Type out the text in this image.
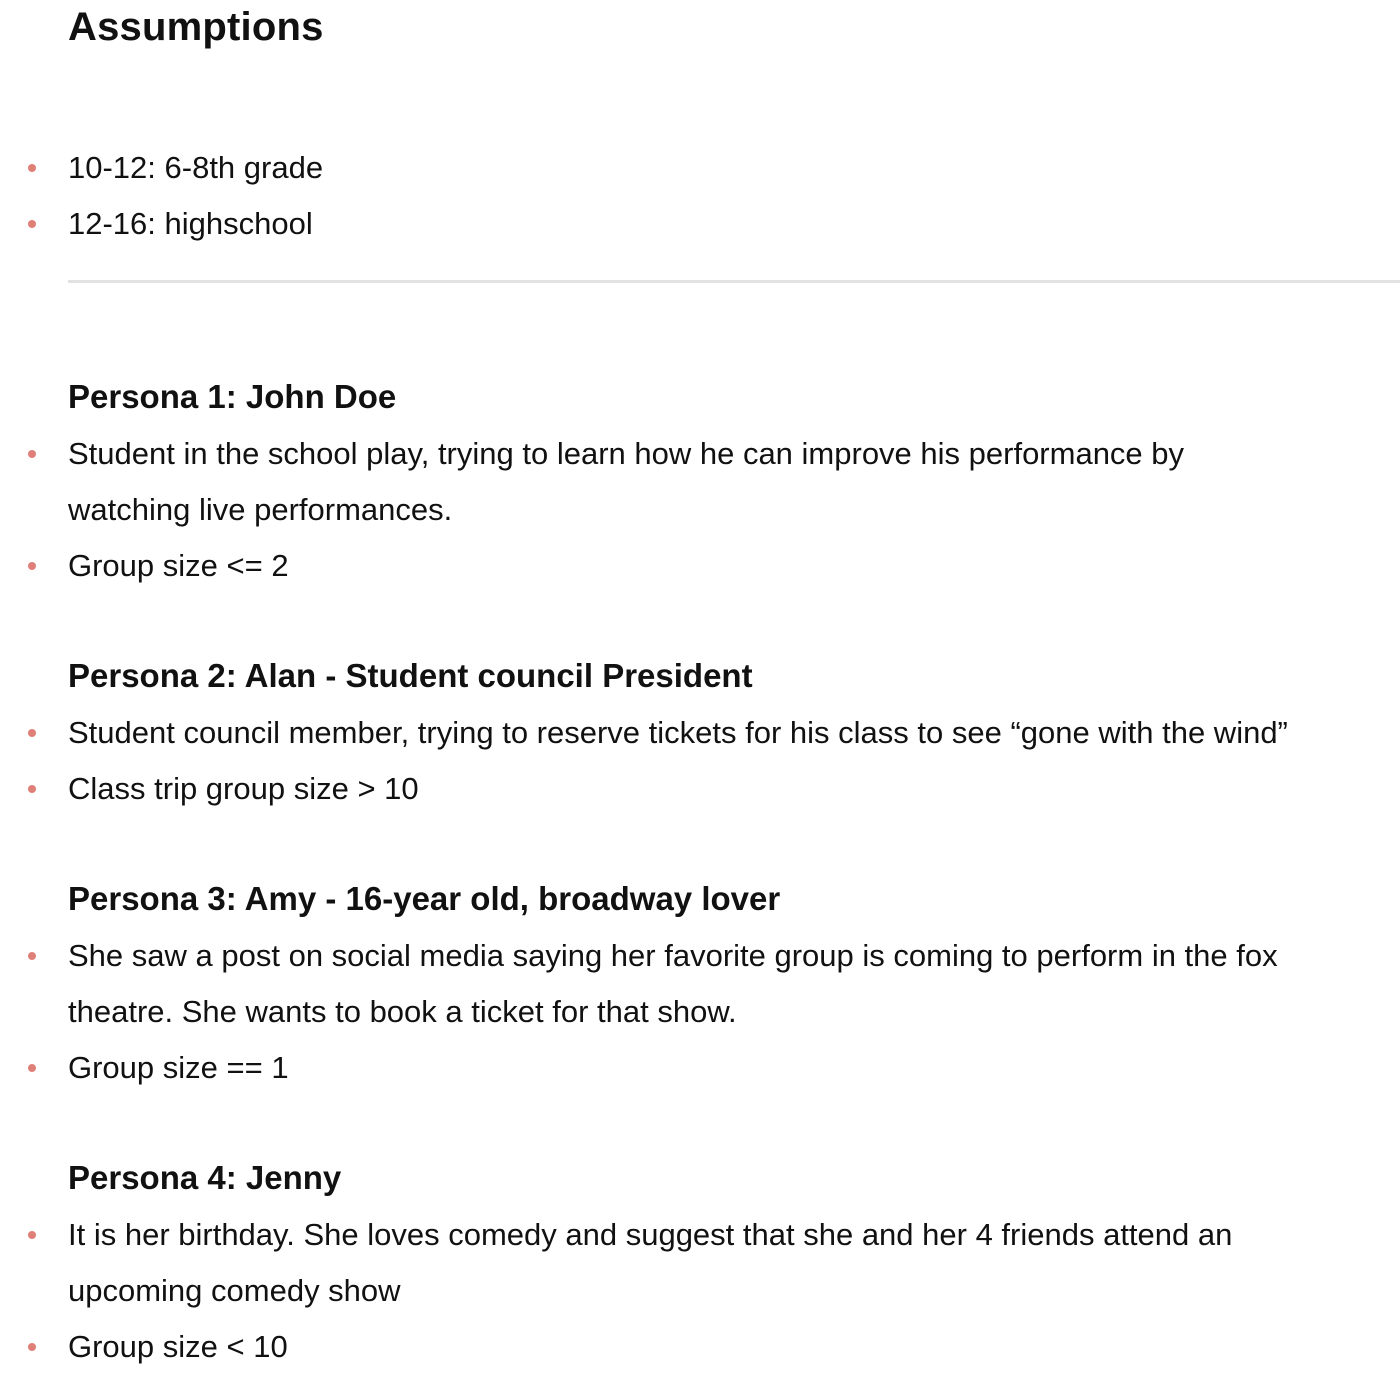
Assumptions
10-12: 6-8th grade
12-16: highschool
Persona 1: John Doe
Student in the school play, trying to learn how he can improve his performance by watching live performances.
Group size <= 2
Persona 2: Alan - Student council President
Student council member, trying to reserve tickets for his class to see “gone with the wind”
Class trip group size > 10
Persona 3: Amy - 16-year old, broadway lover
She saw a post on social media saying her favorite group is coming to perform in the fox theatre. She wants to book a ticket for that show.
Group size == 1
Persona 4: Jenny
It is her birthday. She loves comedy and suggest that she and her 4 friends attend an upcoming comedy show
Group size < 10
